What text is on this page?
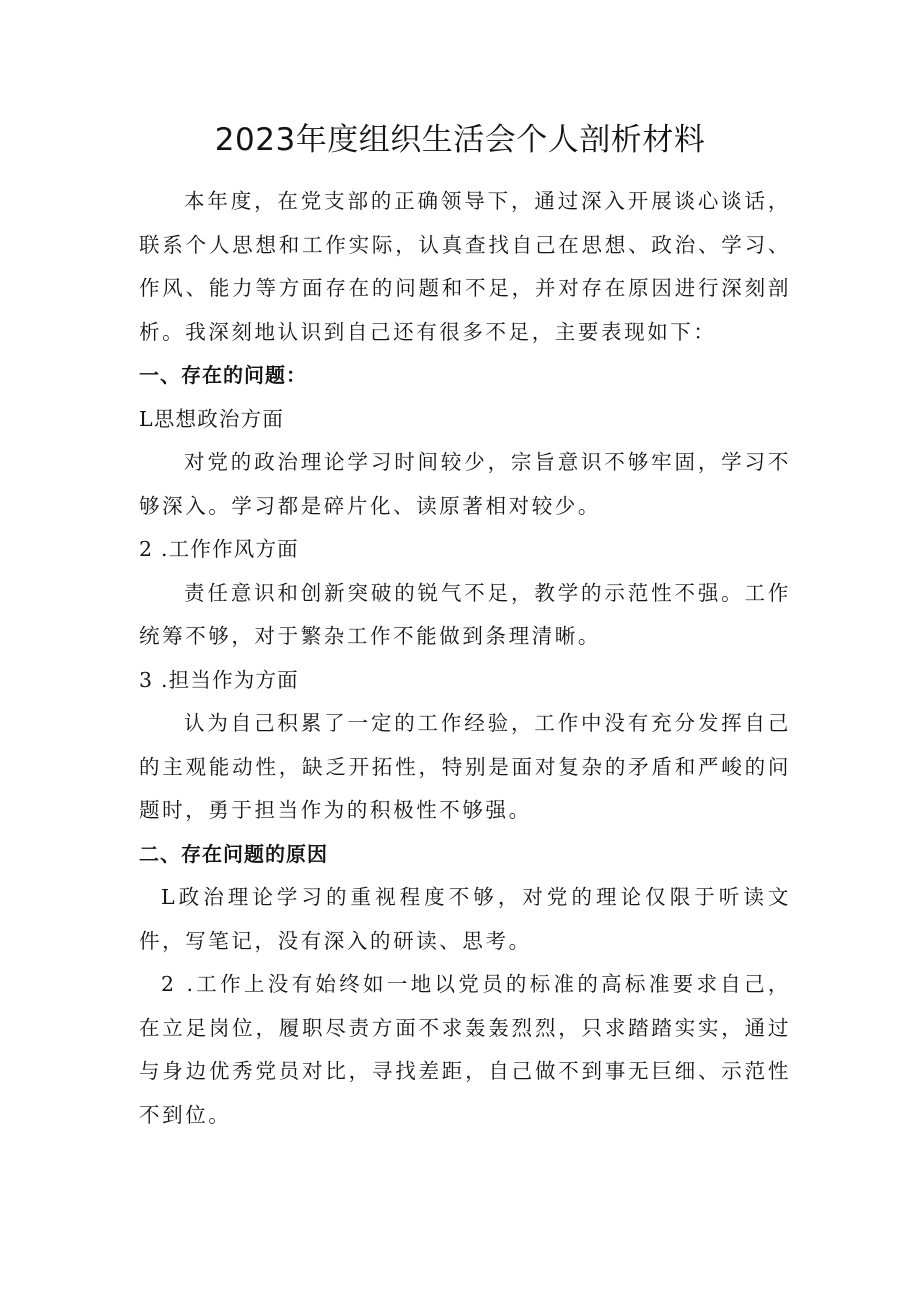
2023年度组织生活会个人剖析材料

本年度，在党支部的正确领导下，通过深入开展谈心谈话，联系个人思想和工作实际，认真查找自己在思想、政治、学习、作风、能力等方面存在的问题和不足，并对存在原因进行深刻剖析。我深刻地认识到自己还有很多不足，主要表现如下：

一、存在的问题：

L思想政治方面

对党的政治理论学习时间较少，宗旨意识不够牢固，学习不够深入。学习都是碎片化、读原著相对较少。

2 .工作作风方面

责任意识和创新突破的锐气不足，教学的示范性不强。工作统筹不够，对于繁杂工作不能做到条理清晰。

3 .担当作为方面

认为自己积累了一定的工作经验，工作中没有充分发挥自己的主观能动性，缺乏开拓性，特别是面对复杂的矛盾和严峻的问题时，勇于担当作为的积极性不够强。

二、存在问题的原因

L政治理论学习的重视程度不够，对党的理论仅限于听读文件，写笔记，没有深入的研读、思考。

2 .工作上没有始终如一地以党员的标准的高标准要求自己，在立足岗位，履职尽责方面不求轰轰烈烈，只求踏踏实实，通过与身边优秀党员对比，寻找差距，自己做不到事无巨细、示范性不到位。
